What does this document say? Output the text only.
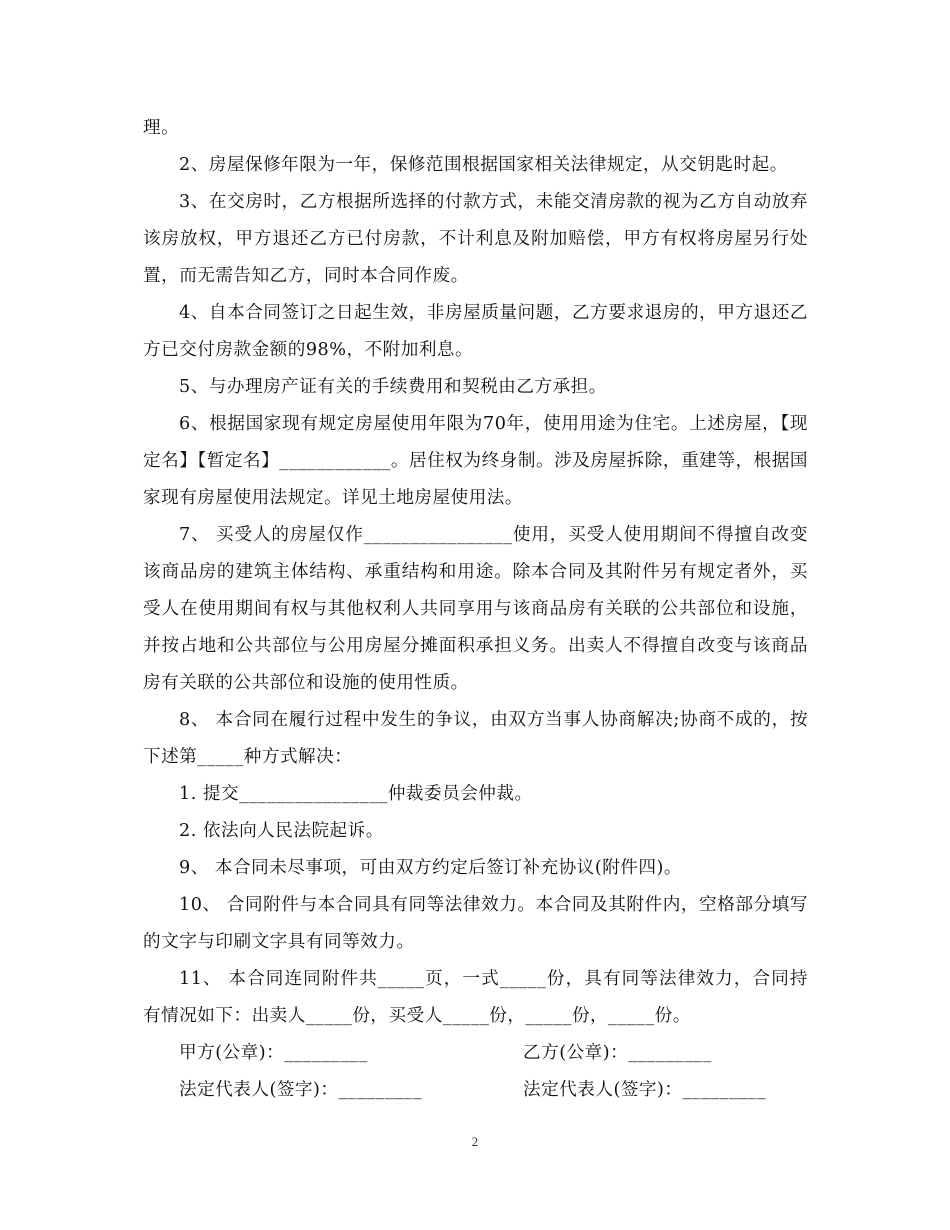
理。

2、房屋保修年限为一年，保修范围根据国家相关法律规定，从交钥匙时起。

3、在交房时，乙方根据所选择的付款方式，未能交清房款的视为乙方自动放弃该房放权，甲方退还乙方已付房款，不计利息及附加赔偿，甲方有权将房屋另行处置，而无需告知乙方，同时本合同作废。

4、自本合同签订之日起生效，非房屋质量问题，乙方要求退房的，甲方退还乙方已交付房款金额的98%，不附加利息。

5、与办理房产证有关的手续费用和契税由乙方承担。

6、根据国家现有规定房屋使用年限为70年，使用用途为住宅。上述房屋，【现定名】【暂定名】____________。居住权为终身制。涉及房屋拆除，重建等，根据国家现有房屋使用法规定。详见土地房屋使用法。

7、 买受人的房屋仅作________________使用，买受人使用期间不得擅自改变该商品房的建筑主体结构、承重结构和用途。除本合同及其附件另有规定者外，买受人在使用期间有权与其他权利人共同享用与该商品房有关联的公共部位和设施，并按占地和公共部位与公用房屋分摊面积承担义务。出卖人不得擅自改变与该商品房有关联的公共部位和设施的使用性质。

8、 本合同在履行过程中发生的争议，由双方当事人协商解决;协商不成的，按下述第_____种方式解决：

1. 提交________________仲裁委员会仲裁。

2. 依法向人民法院起诉。

9、 本合同未尽事项，可由双方约定后签订补充协议(附件四)。

10、 合同附件与本合同具有同等法律效力。本合同及其附件内，空格部分填写的文字与印刷文字具有同等效力。

11、 本合同连同附件共_____页，一式_____份，具有同等法律效力，合同持有情况如下：出卖人_____份，买受人_____份，_____份，_____份。

甲方(公章)：_________	乙方(公章)：_________
法定代表人(签字)：_________	法定代表人(签字)：_________
2
